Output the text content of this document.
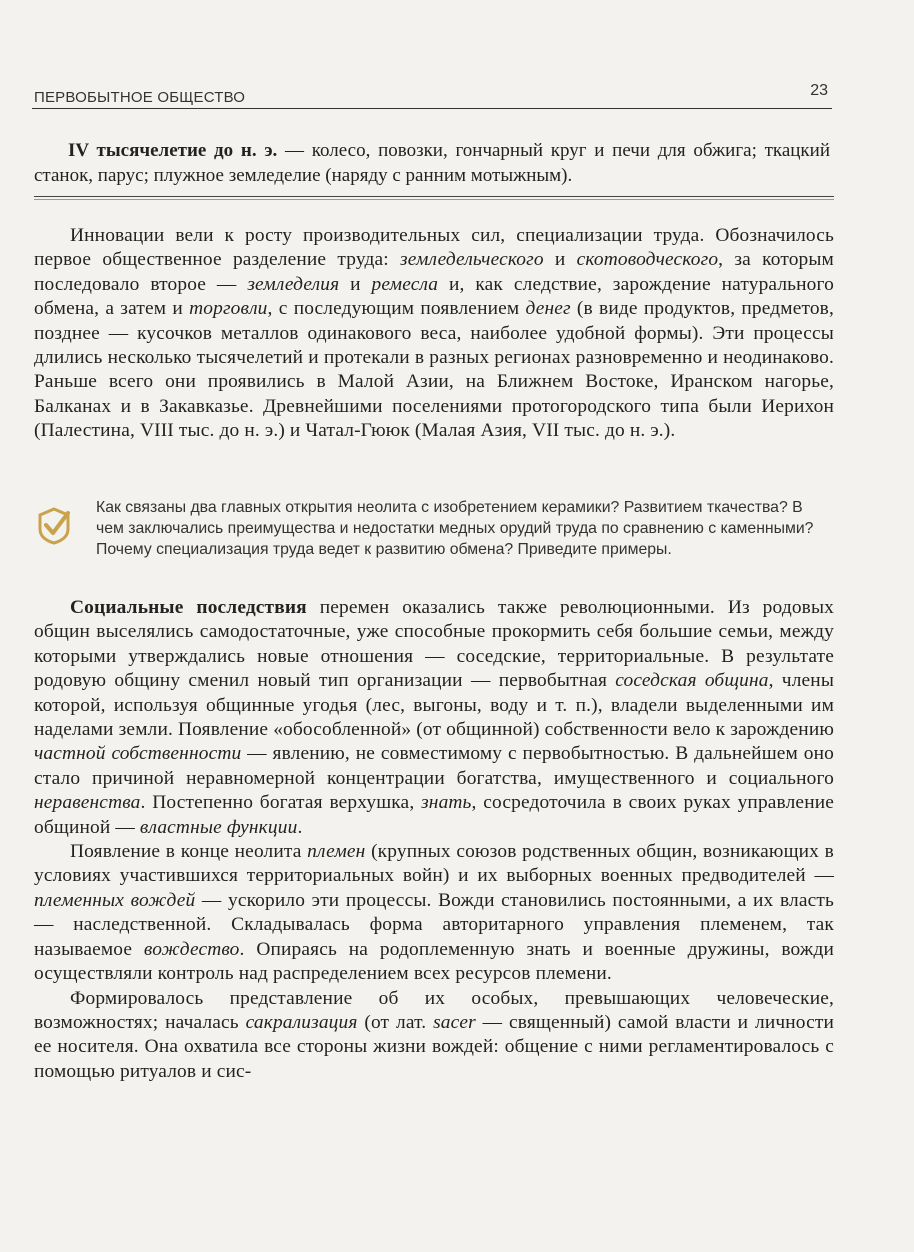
ПЕРВОБЫТНОЕ ОБЩЕСТВО	23
IV тысячелетие до н. э. — колесо, повозки, гончарный круг и печи для обжига; ткацкий станок, парус; плужное земледелие (наряду с ранним мотыжным).

Инновации вели к росту производительных сил, специализации труда. Обозначилось первое общественное разделение труда: земледельческого и скотоводческого, за которым последовало второе — земледелия и ремесла и, как следствие, зарождение натурального обмена, а затем и торговли, с последующим появлением денег (в виде продуктов, предметов, позднее — кусочков металлов одинакового веса, наиболее удобной формы). Эти процессы длились несколько тысячелетий и протекали в разных регионах разновременно и неодинаково. Раньше всего они проявились в Малой Азии, на Ближнем Востоке, Иранском нагорье, Балканах и в Закавказье. Древнейшими поселениями протогородского типа были Иерихон (Палестина, VIII тыс. до н. э.) и Чатал-Гююк (Малая Азия, VII тыс. до н. э.).

Как связаны два главных открытия неолита с изобретением керамики? Развитием ткачества? В чем заключались преимущества и недостатки медных орудий труда по сравнению с каменными? Почему специализация труда ведет к развитию обмена? Приведите примеры.

Социальные последствия перемен оказались также революционными. Из родовых общин выселялись самодостаточные, уже способные прокормить себя большие семьи, между которыми утверждались новые отношения — соседские, территориальные. В результате родовую общину сменил новый тип организации — первобытная соседская община, члены которой, используя общинные угодья (лес, выгоны, воду и т. п.), владели выделенными им наделами земли. Появление «обособленной» (от общинной) собственности вело к зарождению частной собственности — явлению, не совместимому с первобытностью. В дальнейшем оно стало причиной неравномерной концентрации богатства, имущественного и социального неравенства. Постепенно богатая верхушка, знать, сосредоточила в своих руках управление общиной — властные функции.

Появление в конце неолита племен (крупных союзов родственных общин, возникающих в условиях участившихся территориальных войн) и их выборных военных предводителей — племенных вождей — ускорило эти процессы. Вожди становились постоянными, а их власть — наследственной. Складывалась форма авторитарного управления племенем, так называемое вождество. Опираясь на родоплеменную знать и военные дружины, вожди осуществляли контроль над распределением всех ресурсов племени.

Формировалось представление об их особых, превышающих человеческие, возможностях; началась сакрализация (от лат. sacer — священный) самой власти и личности ее носителя. Она охватила все стороны жизни вождей: общение с ними регламентировалось с помощью ритуалов и сис-
